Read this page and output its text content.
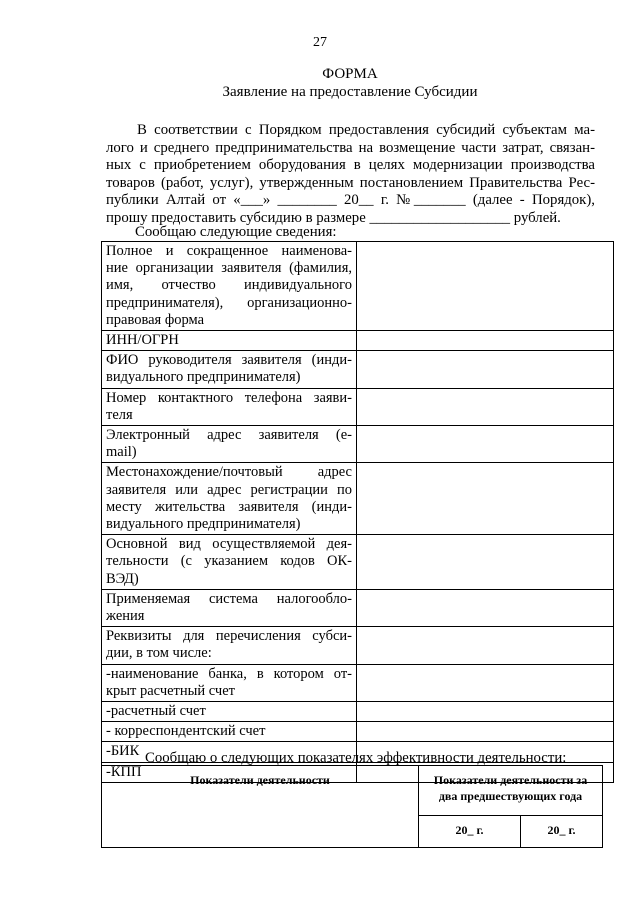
27
ФОРМА
Заявление на предоставление Субсидии
В соответствии с Порядком предоставления субсидий субъектам ма-
лого и среднего предпринимательства на возмещение части затрат, связан-
ных с приобретением оборудования в целях модернизации производства
товаров (работ, услуг), утвержденным постановлением Правительства Рес-
публики Алтай от «___» ________ 20__ г. №_______ (далее - Порядок),
прошу предоставить субсидию в размере ___________________ рублей.
Сообщаю следующие сведения:
Полное и сокращенное наименова-
ние организации заявителя (фамилия,
имя, отчество индивидуального
предпринимателя), организационно-
правовая форма	

ИНН/ОГРН	

ФИО руководителя заявителя (инди-
видуального предпринимателя)	

Номер контактного телефона заяви-
теля	

Электронный адрес заявителя (е-
mail)	

Местонахождение/почтовый адрес
заявителя или адрес регистрации по
месту жительства заявителя (инди-
видуального предпринимателя)	

Основной вид осуществляемой дея-
тельности (с указанием кодов ОК-
ВЭД)	

Применяемая система налогообло-
жения	

Реквизиты для перечисления субси-
дии, в том числе:	

-наименование банка, в котором от-
крыт расчетный счет	

-расчетный счет	

- корреспондентский счет	

-БИК	

-КПП	

Сообщаю о следующих показателях эффективности деятельности:
Показатели деятельности	Показатели деятельности за
два предшествующих года	

	20_ г.	20_ г.
